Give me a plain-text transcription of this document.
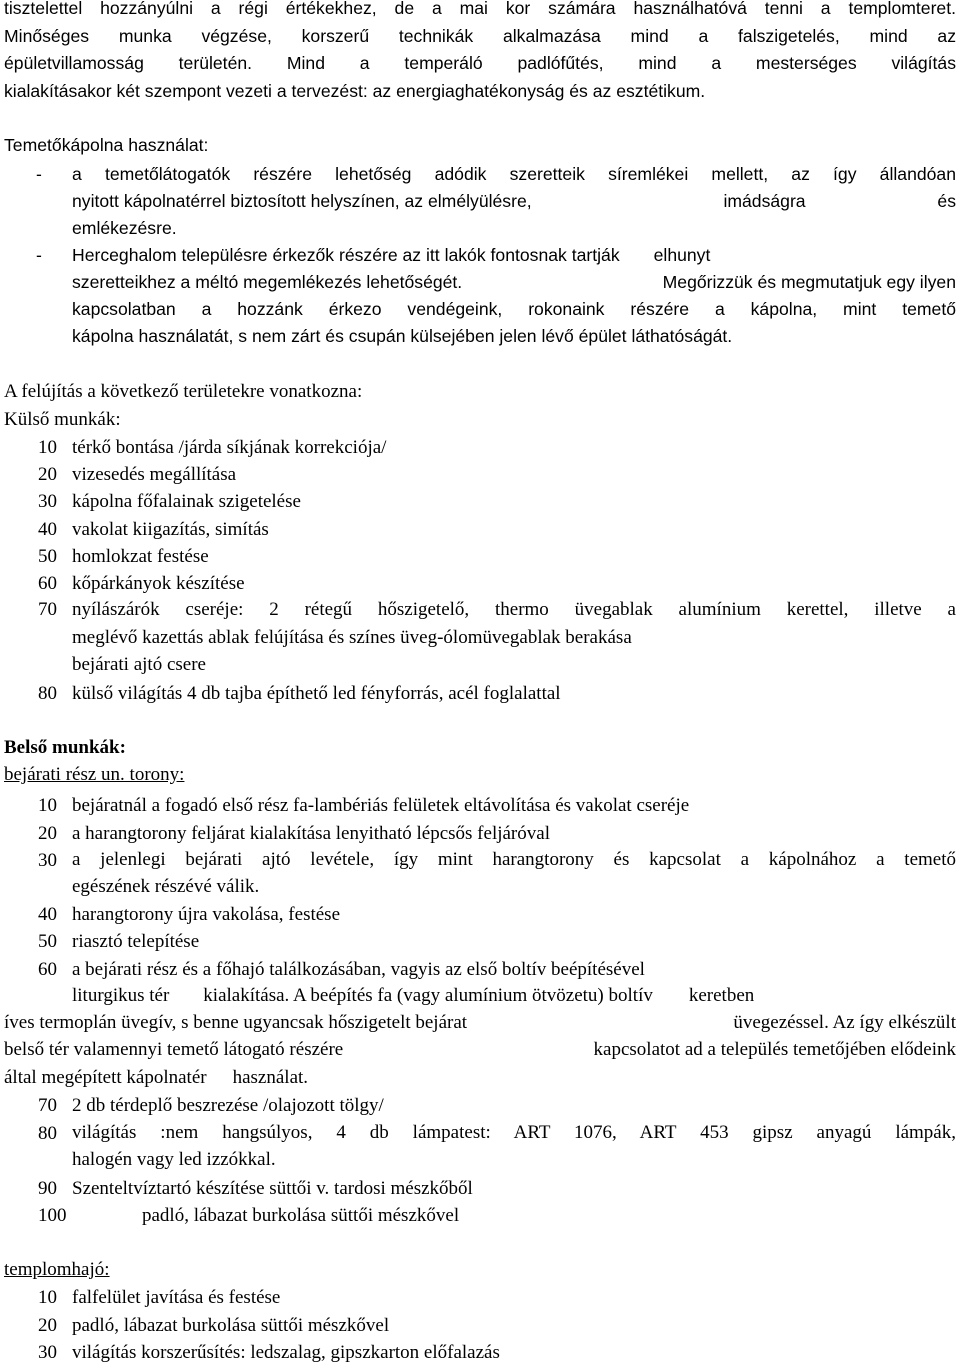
tisztelettel hozzányúlni a régi értékekhez, de a mai kor számára használhatóvá tenni a templomteret.
Minőséges munka végzése, korszerű technikák alkalmazása mind a falszigetelés, mind az
épületvillamosság területén. Mind a temperáló padlófűtés, mind a mesterséges világítás
kialakításakor két szempont vezeti a tervezést: az energiaghatékonyság és az esztétikum.
Temetőkápolna használat:
- a temetőlátogatók részére lehetőség adódik szeretteik síremlékei mellett, az így állandóan
nyitott kápolnatérrel biztosított helyszínen, az elmélyülésre,	imádságra	és
emlékezésre.
- Herceghalom településre érkezők részére az itt lakók fontosnak tartják elhunyt
szeretteikhez a méltó megemlékezés lehetőségét.	Megőrizzük és megmutatjuk egy ilyen
kapcsolatban a hozzánk érkezo vendégeink, rokonaink részére a kápolna, mint temető
kápolna használatát, s nem zárt és csupán külsejében jelen lévő épület láthatóságát.
A felújítás a következő területekre vonatkozna:
Külső munkák:
10 térkő bontása /járda síkjának korrekciója/
20 vizesedés megállítása
30 kápolna főfalainak szigetelése
40 vakolat kiigazítás, simítás
50 homlokzat festése
60 kőpárkányok készítése
70 nyílászárók cseréje: 2 rétegű hőszigetelő, thermo üvegablak alumínium kerettel, illetve a
meglévő kazettás ablak felújítása és színes üveg-ólomüvegablak berakása
bejárati ajtó csere
80 külső világítás 4 db tajba építhető led fényforrás, acél foglalattal
Belső munkák:
bejárati rész un. torony:
10 bejáratnál a fogadó első rész fa-lambériás felületek eltávolítása és vakolat cseréje
20 a harangtorony feljárat kialakítása lenyitható lépcsős feljáróval
30 a jelenlegi bejárati ajtó levétele, így mint harangtorony és kapcsolat a kápolnához a temető
egészének részévé válik.
40 harangtorony újra vakolása, festése
50 riasztó telepítése
60 a bejárati rész és a főhajó találkozásában, vagyis az első boltív beépítésével
liturgikus tér kialakítása. A beépítés fa (vagy alumínium ötvözetu) boltív keretben
íves termoplán üvegív, s benne ugyancsak hőszigetelt bejárat	üvegezéssel. Az így elkészült
belső tér valamennyi temető látogató részére	kapcsolatot ad a település temetőjében elődeink
által megépített kápolnatér használat.
70 2 db térdeplő beszrezése /olajozott tölgy/
80 világítás :nem hangsúlyos, 4 db lámpatest: ART 1076, ART 453 gipsz anyagú lámpák,
halogén vagy led izzókkal.
90 Szenteltvíztartó készítése süttői v. tardosi mészkőből
100	padló, lábazat burkolása süttői mészkővel
templomhajó:
10 falfelület javítása és festése
20 padló, lábazat burkolása süttői mészkővel
30 világítás korszerűsítés: ledszalag, gipszkarton előfalazás
